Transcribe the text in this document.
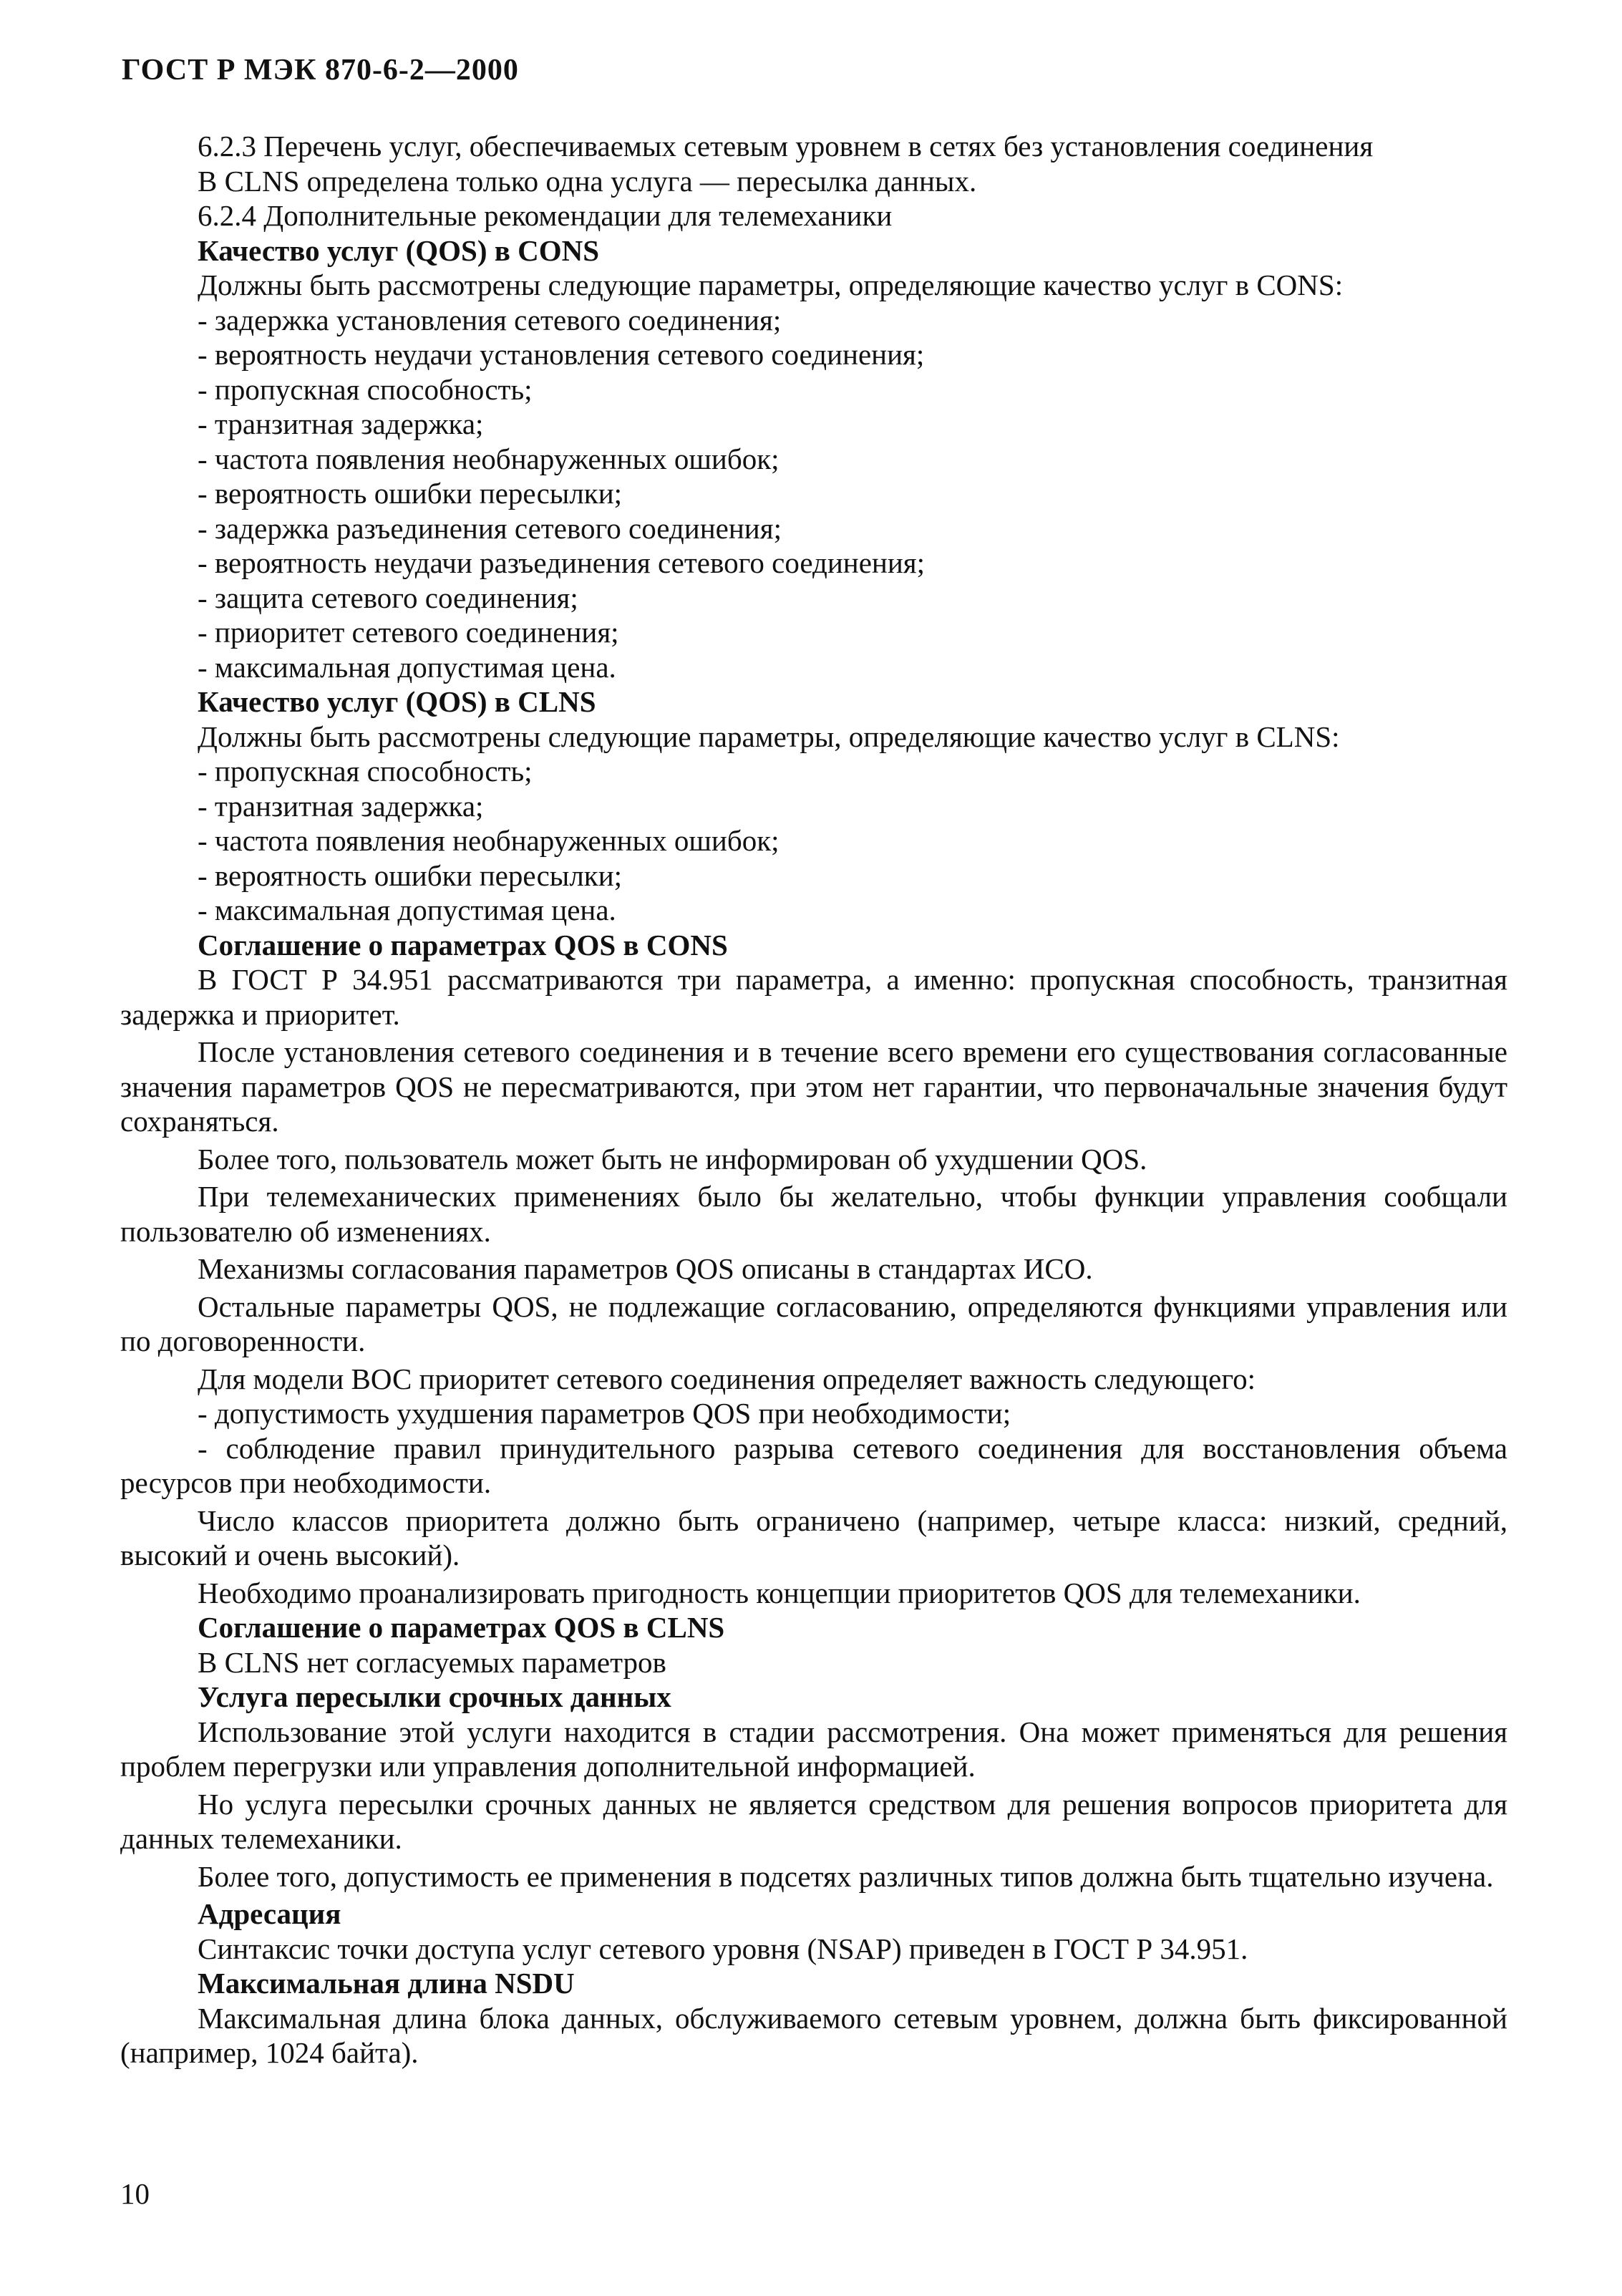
ГОСТ Р МЭК 870-6-2—2000

6.2.3 Перечень услуг, обеспечиваемых сетевым уровнем в сетях без установления соединения

В CLNS определена только одна услуга — пересылка данных.

6.2.4 Дополнительные рекомендации для телемеханики

Качество услуг (QOS) в CONS

Должны быть рассмотрены следующие параметры, определяющие качество услуг в CONS:

- задержка установления сетевого соединения;
- вероятность неудачи установления сетевого соединения;
- пропускная способность;
- транзитная задержка;
- частота появления необнаруженных ошибок;
- вероятность ошибки пересылки;
- задержка разъединения сетевого соединения;
- вероятность неудачи разъединения сетевого соединения;
- защита сетевого соединения;
- приоритет сетевого соединения;
- максимальная допустимая цена.

Качество услуг (QOS) в CLNS

Должны быть рассмотрены следующие параметры, определяющие качество услуг в CLNS:

- пропускная способность;
- транзитная задержка;
- частота появления необнаруженных ошибок;
- вероятность ошибки пересылки;
- максимальная допустимая цена.

Соглашение о параметрах QOS в CONS

В ГОСТ Р 34.951 рассматриваются три параметра, а именно: пропускная способность, транзитная задержка и приоритет.

После установления сетевого соединения и в течение всего времени его существования согласованные значения параметров QOS не пересматриваются, при этом нет гарантии, что первоначальные значения будут сохраняться.

Более того, пользователь может быть не информирован об ухудшении QOS.

При телемеханических применениях было бы желательно, чтобы функции управления сообщали пользователю об изменениях.

Механизмы согласования параметров QOS описаны в стандартах ИСО.

Остальные параметры QOS, не подлежащие согласованию, определяются функциями управления или по договоренности.

Для модели ВОС приоритет сетевого соединения определяет важность следующего:

- допустимость ухудшения параметров QOS при необходимости;

- соблюдение правил принудительного разрыва сетевого соединения для восстановления объема ресурсов при необходимости.

Число классов приоритета должно быть ограничено (например, четыре класса: низкий, средний, высокий и очень высокий).

Необходимо проанализировать пригодность концепции приоритетов QOS для телемеханики.

Соглашение о параметрах QOS в CLNS

В CLNS нет согласуемых параметров

Услуга пересылки срочных данных

Использование этой услуги находится в стадии рассмотрения. Она может применяться для решения проблем перегрузки или управления дополнительной информацией.

Но услуга пересылки срочных данных не является средством для решения вопросов приоритета для данных телемеханики.

Более того, допустимость ее применения в подсетях различных типов должна быть тщательно изучена.

Адресация

Синтаксис точки доступа услуг сетевого уровня (NSAP) приведен в ГОСТ Р 34.951.

Максимальная длина NSDU

Максимальная длина блока данных, обслуживаемого сетевым уровнем, должна быть фиксированной (например, 1024 байта).

10
